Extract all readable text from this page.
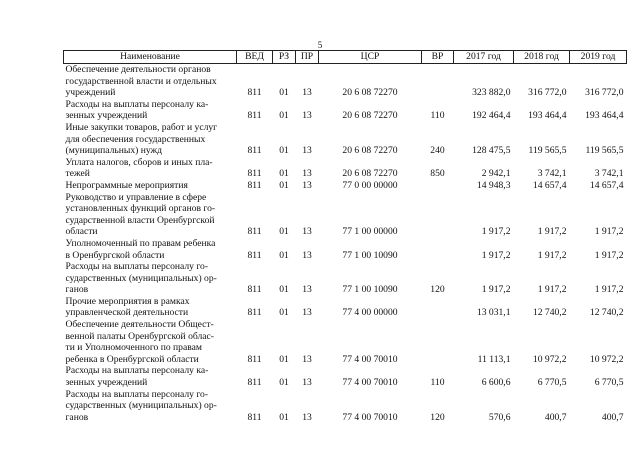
5
Наименование	ВЕД	РЗ	ПР	ЦСР	ВР	2017 год	2018 год	2019 год

Обеспечение деятельности органов
государственной власти и отдельных
учреждений	811	01	13	20 6 08 72270		323 882,0	316 772,0	316 772,0

Расходы на выплаты персоналу ка-
зенных учреждений	811	01	13	20 6 08 72270	110	192 464,4	193 464,4	193 464,4

Иные закупки товаров, работ и услуг
для обеспечения государственных
(муниципальных) нужд	811	01	13	20 6 08 72270	240	128 475,5	119 565,5	119 565,5

Уплата налогов, сборов и иных пла-
тежей	811	01	13	20 6 08 72270	850	2 942,1	3 742,1	3 742,1

Непрограммные мероприятия	811	01	13	77 0 00 00000		14 948,3	14 657,4	14 657,4

Руководство и управление в сфере
установленных функций органов го-
сударственной власти Оренбургской
области	811	01	13	77 1 00 00000		1 917,2	1 917,2	1 917,2

Уполномоченный по правам ребенка
в Оренбургской области	811	01	13	77 1 00 10090		1 917,2	1 917,2	1 917,2

Расходы на выплаты персоналу го-
сударственных (муниципальных) ор-
ганов	811	01	13	77 1 00 10090	120	1 917,2	1 917,2	1 917,2

Прочие мероприятия в рамках
управленческой деятельности	811	01	13	77 4 00 00000		13 031,1	12 740,2	12 740,2

Обеспечение деятельности Общест-
венной палаты Оренбургской облас-
ти и Уполномоченного по правам
ребенка в Оренбургской области	811	01	13	77 4 00 70010		11 113,1	10 972,2	10 972,2

Расходы на выплаты персоналу ка-
зенных учреждений	811	01	13	77 4 00 70010	110	6 600,6	6 770,5	6 770,5

Расходы на выплаты персоналу го-
сударственных (муниципальных) ор-
ганов	811	01	13	77 4 00 70010	120	570,6	400,7	400,7
